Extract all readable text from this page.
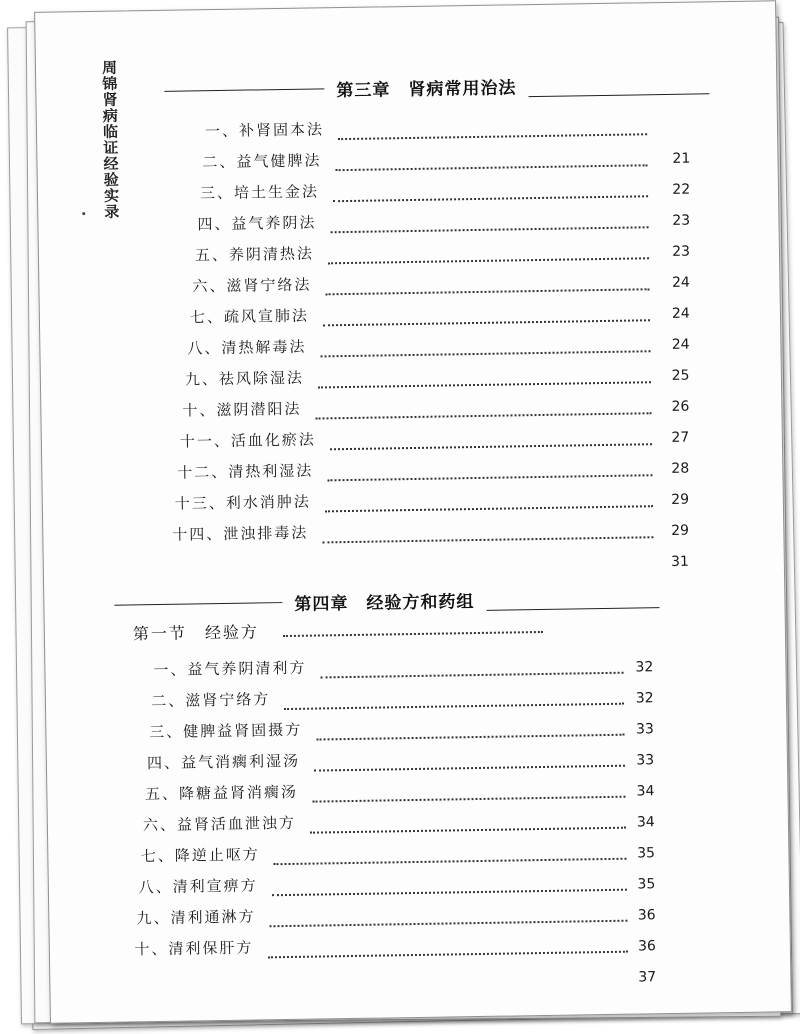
周锦肾病临证经验实录	第三章　肾病常用治法
一、补肾固本法
二、益气健脾法
三、培土生金法
四、益气养阴法
五、养阴清热法
六、滋肾宁络法
七、疏风宣肺法
八、清热解毒法
九、祛风除湿法
十、滋阴潜阳法
十一、活血化瘀法
十二、清热利湿法
十三、利水消肿法
十四、泄浊排毒法
21
22
23
23
24
24
24
25
26
27
28
29
29
31
第四章　经验方和药组
第一节　经验方
一、益气养阴清利方
二、滋肾宁络方
三、健脾益肾固摄方
四、益气消瘸利湿汤
五、降糖益肾消瘸汤
六、益肾活血泄浊方
七、降逆止呕方
八、清利宣痹方
九、清利通淋方
十、清利保肝方
32
32
33
33
34
34
35
35
36
36
37
